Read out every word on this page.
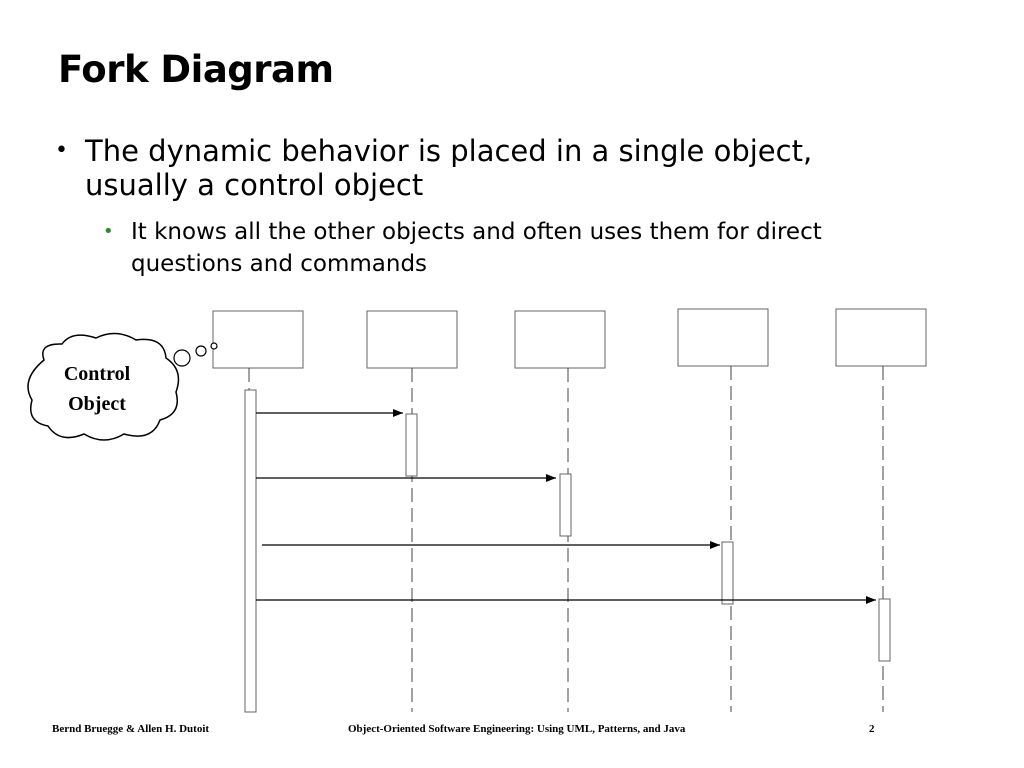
Fork Diagram
• The dynamic behavior is placed in a single object, usually a control object
• It knows all the other objects and often uses them for direct questions and commands
Control
Object
Bernd Bruegge & Allen H. Dutoit	Object-Oriented Software Engineering: Using UML, Patterns, and Java	2
